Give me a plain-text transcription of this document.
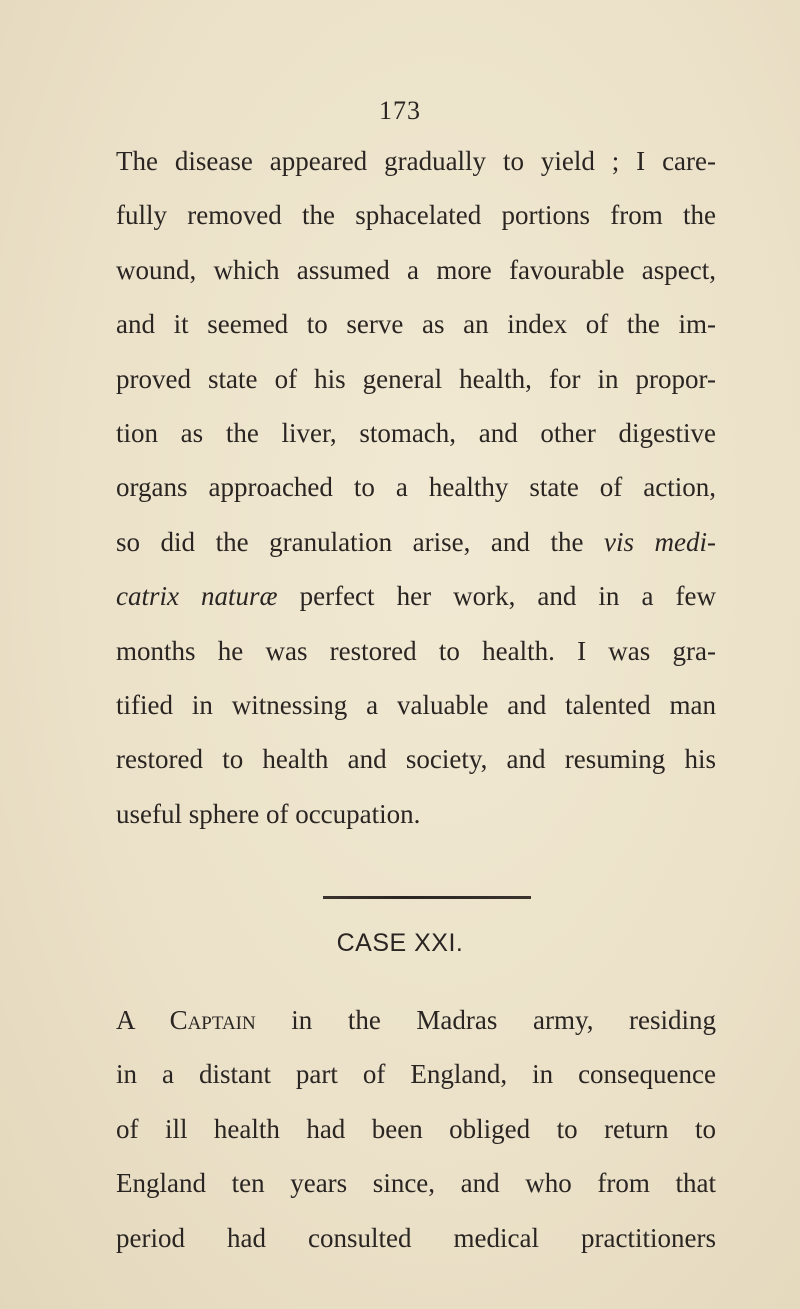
173
The disease appeared gradually to yield ; I care-
fully removed the sphacelated portions from the
wound, which assumed a more favourable aspect,
and it seemed to serve as an index of the im-
proved state of his general health, for in propor-
tion as the liver, stomach, and other digestive
organs approached to a healthy state of action,
so did the granulation arise, and the vis medi-
catrix naturæ perfect her work, and in a few
months he was restored to health. I was gra-
tified in witnessing a valuable and talented man
restored to health and society, and resuming his
useful sphere of occupation.
CASE XXI.
A Captain in the Madras army, residing
in a distant part of England, in consequence
of ill health had been obliged to return to
England ten years since, and who from that
period had consulted medical practitioners
